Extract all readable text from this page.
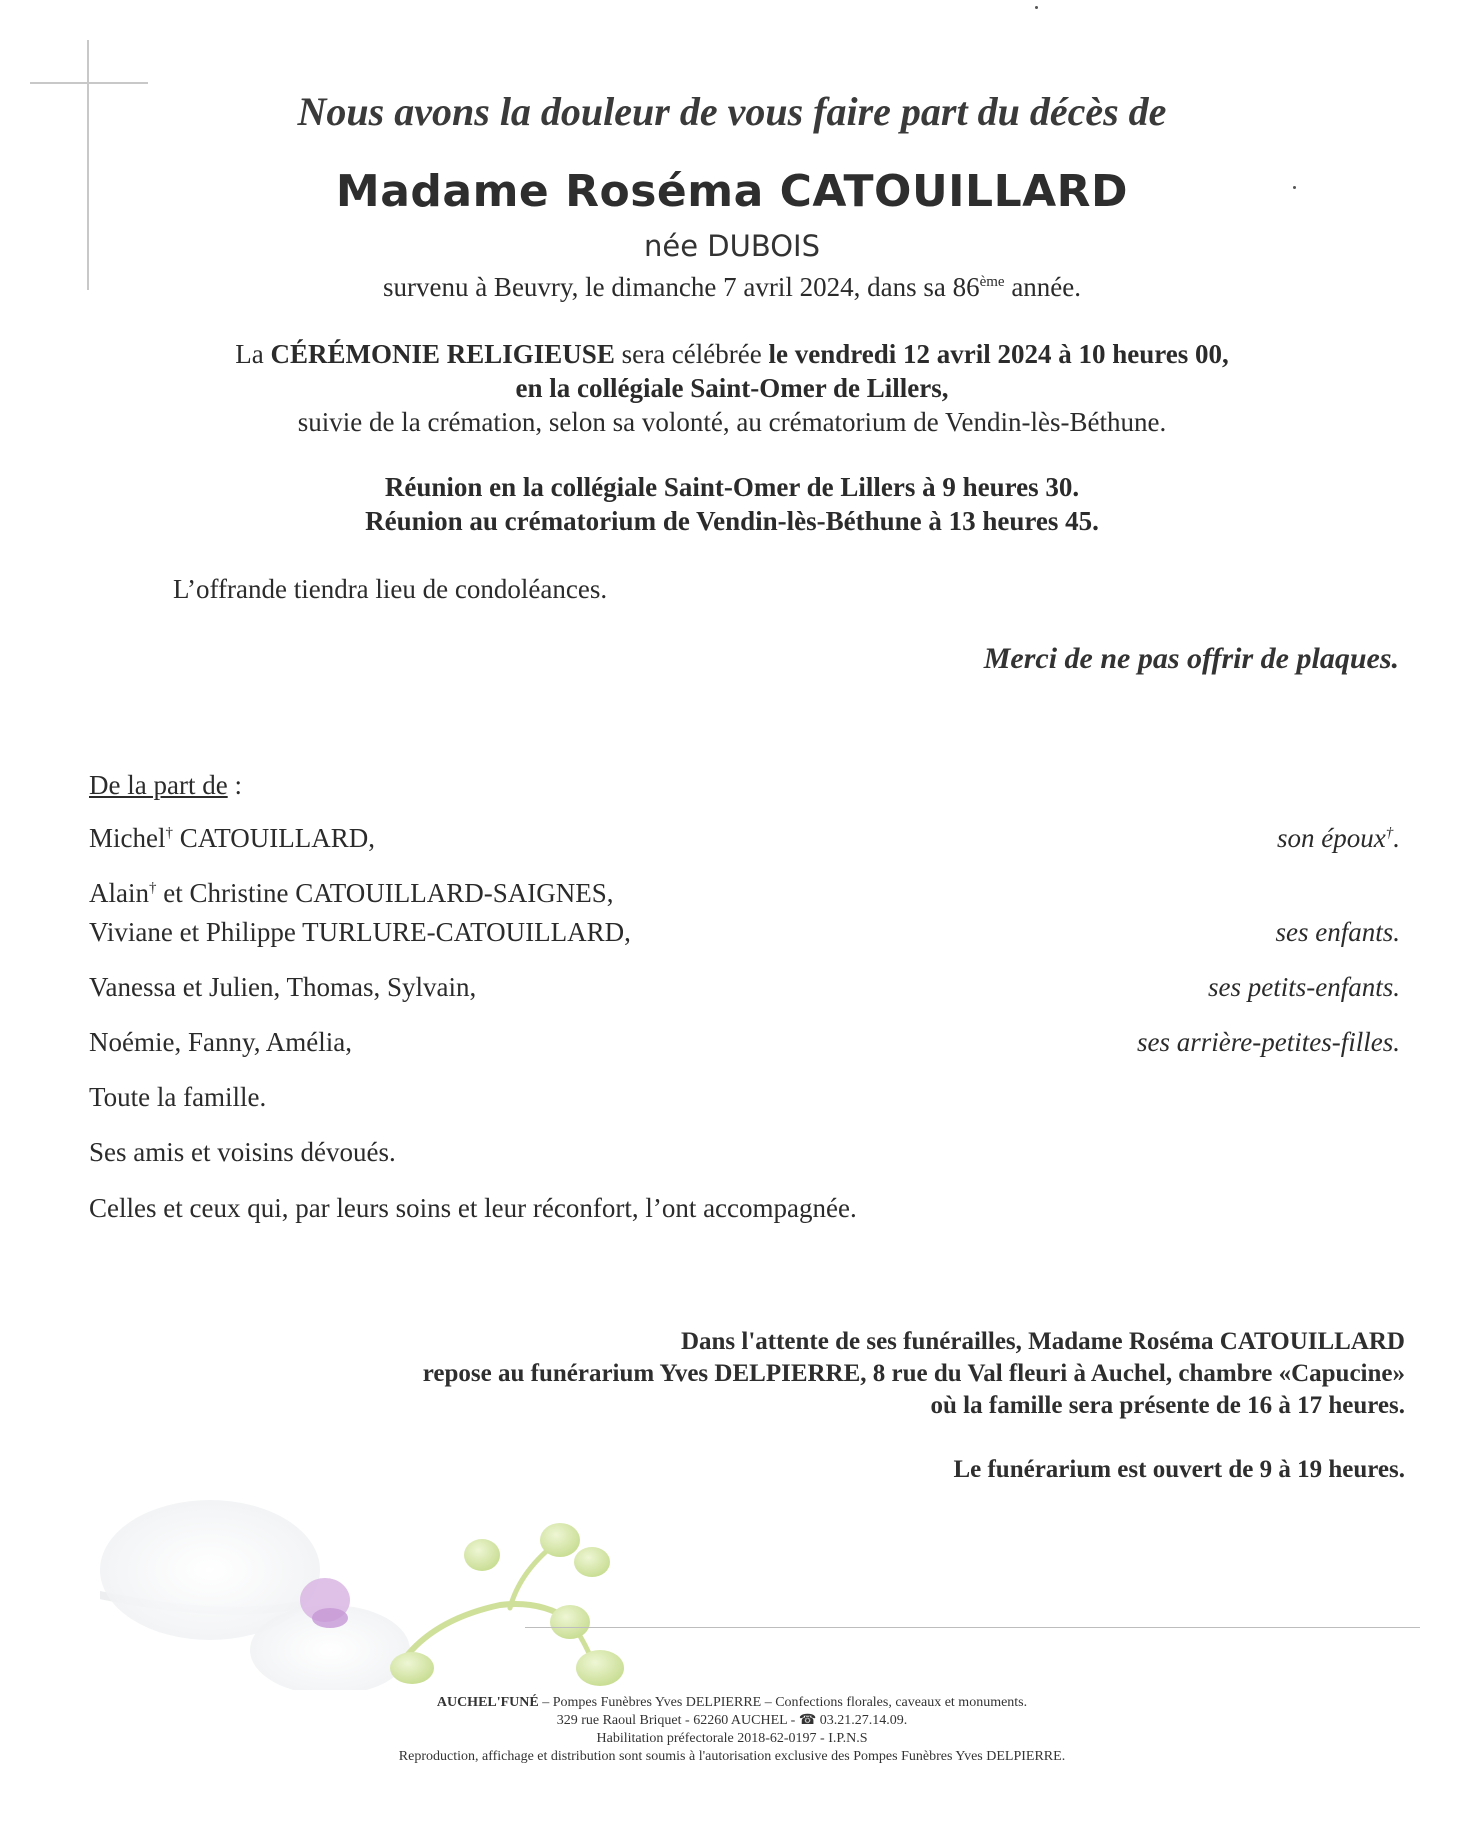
Nous avons la douleur de vous faire part du décès de
Madame Roséma CATOUILLARD
née DUBOIS
survenu à Beuvry, le dimanche 7 avril 2024, dans sa 86ème année.
La CÉRÉMONIE RELIGIEUSE sera célébrée le vendredi 12 avril 2024 à 10 heures 00,
en la collégiale Saint-Omer de Lillers,
suivie de la crémation, selon sa volonté, au crématorium de Vendin-lès-Béthune.
Réunion en la collégiale Saint-Omer de Lillers à 9 heures 30.
Réunion au crématorium de Vendin-lès-Béthune à 13 heures 45.
L’offrande tiendra lieu de condoléances.
Merci de ne pas offrir de plaques.
De la part de :
Michel† CATOUILLARD,	son époux†.
Alain† et Christine CATOUILLARD-SAIGNES,
Viviane et Philippe TURLURE-CATOUILLARD,	ses enfants.
Vanessa et Julien, Thomas, Sylvain,	ses petits-enfants.
Noémie, Fanny, Amélia,	ses arrière-petites-filles.
Toute la famille.
Ses amis et voisins dévoués.
Celles et ceux qui, par leurs soins et leur réconfort, l’ont accompagnée.
Dans l'attente de ses funérailles, Madame Roséma CATOUILLARD
repose au funérarium Yves DELPIERRE, 8 rue du Val fleuri à Auchel, chambre «Capucine»
où la famille sera présente de 16 à 17 heures.
Le funérarium est ouvert de 9 à 19 heures.
AUCHEL'FUNÉ – Pompes Funèbres Yves DELPIERRE – Confections florales, caveaux et monuments.
329 rue Raoul Briquet - 62260 AUCHEL - ☎ 03.21.27.14.09.
Habilitation préfectorale 2018-62-0197 - I.P.N.S
Reproduction, affichage et distribution sont soumis à l'autorisation exclusive des Pompes Funèbres Yves DELPIERRE.
